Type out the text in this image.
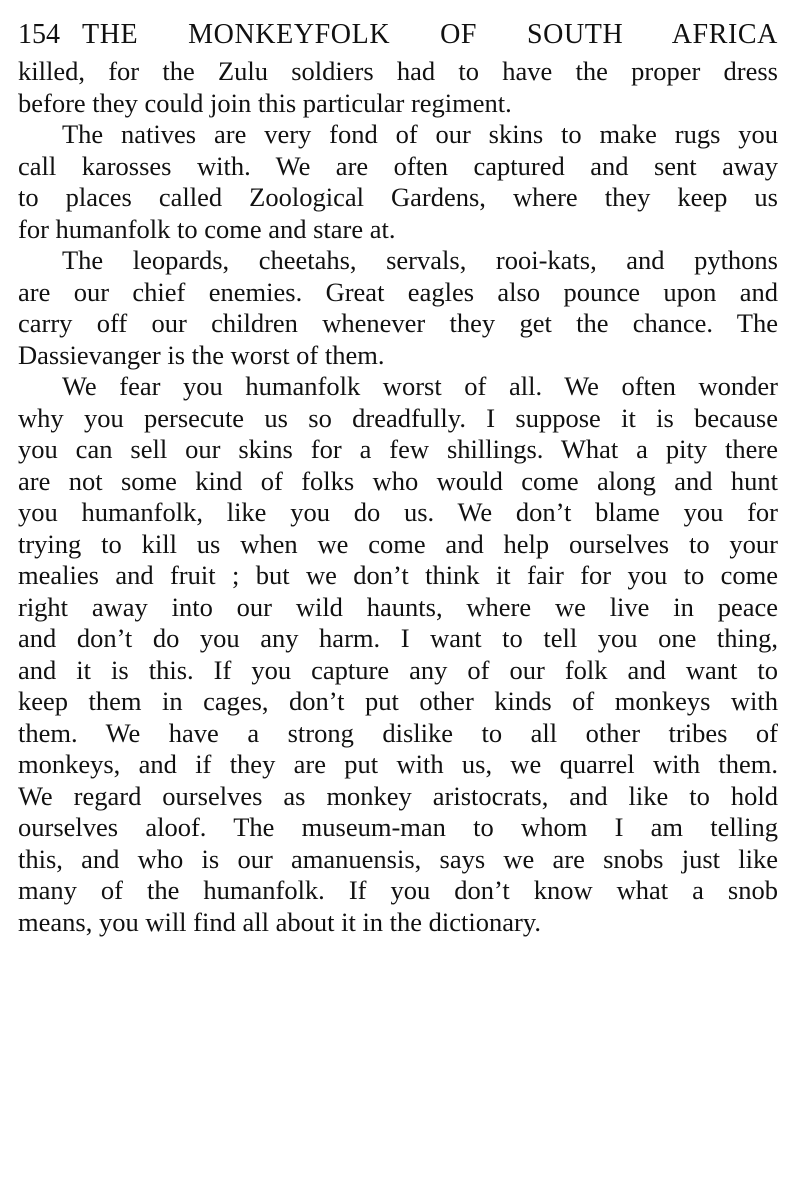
154 THE MONKEYFOLK OF SOUTH AFRICA
killed, for the Zulu soldiers had to have the proper dress
before they could join this particular regiment.
The natives are very fond of our skins to make rugs you
call karosses with. We are often captured and sent away
to places called Zoological Gardens, where they keep us
for humanfolk to come and stare at.
The leopards, cheetahs, servals, rooi-kats, and pythons
are our chief enemies. Great eagles also pounce upon and
carry off our children whenever they get the chance. The
Dassievanger is the worst of them.
We fear you humanfolk worst of all. We often wonder
why you persecute us so dreadfully. I suppose it is because
you can sell our skins for a few shillings. What a pity there
are not some kind of folks who would come along and hunt
you humanfolk, like you do us. We don’t blame you for
trying to kill us when we come and help ourselves to your
mealies and fruit ; but we don’t think it fair for you to come
right away into our wild haunts, where we live in peace
and don’t do you any harm. I want to tell you one thing,
and it is this. If you capture any of our folk and want to
keep them in cages, don’t put other kinds of monkeys with
them. We have a strong dislike to all other tribes of
monkeys, and if they are put with us, we quarrel with them.
We regard ourselves as monkey aristocrats, and like to hold
ourselves aloof. The museum-man to whom I am telling
this, and who is our amanuensis, says we are snobs just like
many of the humanfolk. If you don’t know what a snob
means, you will find all about it in the dictionary.
